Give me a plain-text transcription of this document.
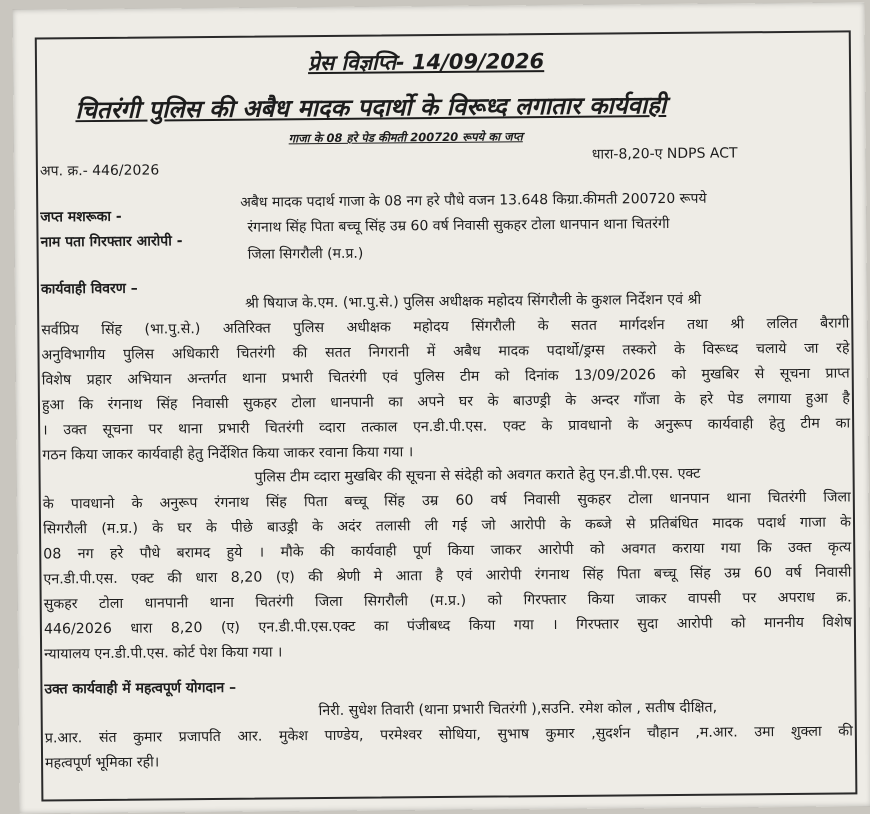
प्रेस विज्ञप्ति- 14/09/2026
चितरंगी पुलिस की अबैध मादक पदार्थो के विरूध्द लगातार कार्यवाही
गाजा के 08 हरे पेड कीमती 200720 रूपये का जप्त
अप. क्र.- 446/2026
धारा-8,20-ए NDPS ACT
जप्त मशरूका -
अबैध मादक पदार्थ गाजा के 08 नग हरे पौधे वजन 13.648 किग्रा.कीमती 200720 रूपये
नाम पता गिरफ्तार आरोपी -
रंगनाथ सिंह पिता बच्चू सिंह उम्र 60 वर्ष निवासी सुकहर टोला धानपान थाना चितरंगी
जिला सिगरौली (म.प्र.)
कार्यवाही विवरण –
श्री षियाज के.एम. (भा.पु.से.) पुलिस अधीक्षक महोदय सिंगरौली के कुशल निर्देशन एवं श्री
सर्वप्रिय सिंह (भा.पु.से.) अतिरिक्त पुलिस अधीक्षक महोदय सिंगरौली के सतत मार्गदर्शन तथा श्री ललित बैरागी
अनुविभागीय पुलिस अधिकारी चितरंगी की सतत निगरानी में अबैध मादक पदार्थो/ड्रग्स तस्करो के विरूध्द चलाये जा रहे
विशेष प्रहार अभियान अन्तर्गत थाना प्रभारी चितरंगी एवं पुलिस टीम को दिनांक 13/09/2026 को मुखबिर से सूचना प्राप्त
हुआ कि रंगनाथ सिंह निवासी सुकहर टोला धानपानी का अपने घर के बाउण्ड्री के अन्दर गाँजा के हरे पेड लगाया हुआ है
। उक्त सूचना पर थाना प्रभारी चितरंगी व्दारा तत्काल एन.डी.पी.एस. एक्ट के प्रावधानो के अनुरूप कार्यवाही हेतु टीम का
गठन किया जाकर कार्यवाही हेतु निर्देशित किया जाकर रवाना किया गया ।
पुलिस टीम व्दारा मुखबिर की सूचना से संदेही को अवगत कराते हेतु एन.डी.पी.एस. एक्ट
के पावधानो के अनुरूप रंगनाथ सिंह पिता बच्चू सिंह उम्र 60 वर्ष निवासी सुकहर टोला धानपान थाना चितरंगी जिला
सिगरौली (म.प्र.) के घर के पीछे बाउड्री के अदंर तलासी ली गई जो आरोपी के कब्जे से प्रतिबंधित मादक पदार्थ गाजा के
08 नग हरे पौधे बरामद हुये । मौके की कार्यवाही पूर्ण किया जाकर आरोपी को अवगत कराया गया कि उक्त कृत्य
एन.डी.पी.एस. एक्ट की धारा 8,20 (ए) की श्रेणी मे आता है एवं आरोपी रंगनाथ सिंह पिता बच्चू सिंह उम्र 60 वर्ष निवासी
सुकहर टोला धानपानी थाना चितरंगी जिला सिगरौली (म.प्र.) को गिरफ्तार किया जाकर वापसी पर अपराध क्र.
446/2026 धारा 8,20 (ए) एन.डी.पी.एस.एक्ट का पंजीबध्द किया गया । गिरफ्तार सुदा आरोपी को माननीय विशेष
न्यायालय एन.डी.पी.एस. कोर्ट पेश किया गया ।
उक्त कार्यवाही में महत्वपूर्ण योगदान –
निरी. सुधेश तिवारी (थाना प्रभारी चितरंगी ),सउनि. रमेश कोल , सतीष दीक्षित,
प्र.आर. संत कुमार प्रजापति आर. मुकेश पाण्डेय, परमेश्वर सोधिया, सुभाष कुमार ,सुदर्शन चौहान ,म.आर. उमा शुक्ला की
महत्वपूर्ण भूमिका रही।
